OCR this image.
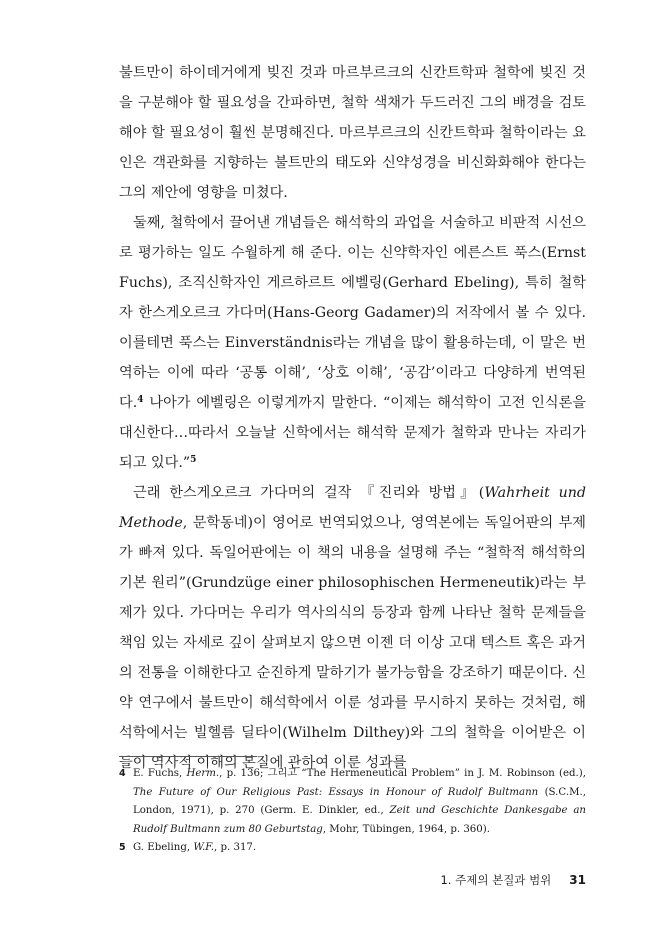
불트만이 하이데거에게 빚진 것과 마르부르크의 신칸트학파 철학에 빚진 것을 구분해야 할 필요성을 간파하면, 철학 색채가 두드러진 그의 배경을 검토해야 할 필요성이 훨씬 분명해진다. 마르부르크의 신칸트학파 철학이라는 요인은 객관화를 지향하는 불트만의 태도와 신약성경을 비신화화해야 한다는 그의 제안에 영향을 미쳤다.

둘째, 철학에서 끌어낸 개념들은 해석학의 과업을 서술하고 비판적 시선으로 평가하는 일도 수월하게 해 준다. 이는 신약학자인 에른스트 푹스(Ernst Fuchs), 조직신학자인 게르하르트 에벨링(Gerhard Ebeling), 특히 철학자 한스게오르크 가다머(Hans-Georg Gadamer)의 저작에서 볼 수 있다. 이를테면 푹스는 Einverständnis라는 개념을 많이 활용하는데, 이 말은 번역하는 이에 따라 ‘공통 이해’, ‘상호 이해’, ‘공감’이라고 다양하게 번역된다.$^4$ 나아가 에벨링은 이렇게까지 말한다. “이제는 해석학이 고전 인식론을 대신한다…따라서 오늘날 신학에서는 해석학 문제가 철학과 만나는 자리가 되고 있다.”$^5$

근래 한스게오르크 가다머의 걸작 『진리와 방법』(Wahrheit und Methode, 문학동네)이 영어로 번역되었으나, 영역본에는 독일어판의 부제가 빠져 있다. 독일어판에는 이 책의 내용을 설명해 주는 “철학적 해석학의 기본 원리”(Grundzüge einer philosophischen Hermeneutik)라는 부제가 있다. 가다머는 우리가 역사의식의 등장과 함께 나타난 철학 문제들을 책임 있는 자세로 깊이 살펴보지 않으면 이젠 더 이상 고대 텍스트 혹은 과거의 전통을 이해한다고 순진하게 말하기가 불가능함을 강조하기 때문이다. 신약 연구에서 불트만이 해석학에서 이룬 성과를 무시하지 못하는 것처럼, 해석학에서는 빌헬름 딜타이(Wilhelm Dilthey)와 그의 철학을 이어받은 이들이 역사적 이해의 본질에 관하여 이룬 성과를

4 E. Fuchs, Herm., p. 136; 그리고 “The Hermeneutical Problem” in J. M. Robinson (ed.), The Future of Our Religious Past: Essays in Honour of Rudolf Bultmann (S.C.M., London, 1971), p. 270 (Germ. E. Dinkler, ed., Zeit und Geschichte Dankesgabe an Rudolf Bultmann zum 80 Geburtstag, Mohr, Tübingen, 1964, p. 360).
5 G. Ebeling, W.F., p. 317.
1. 주제의 본질과 범위 31
